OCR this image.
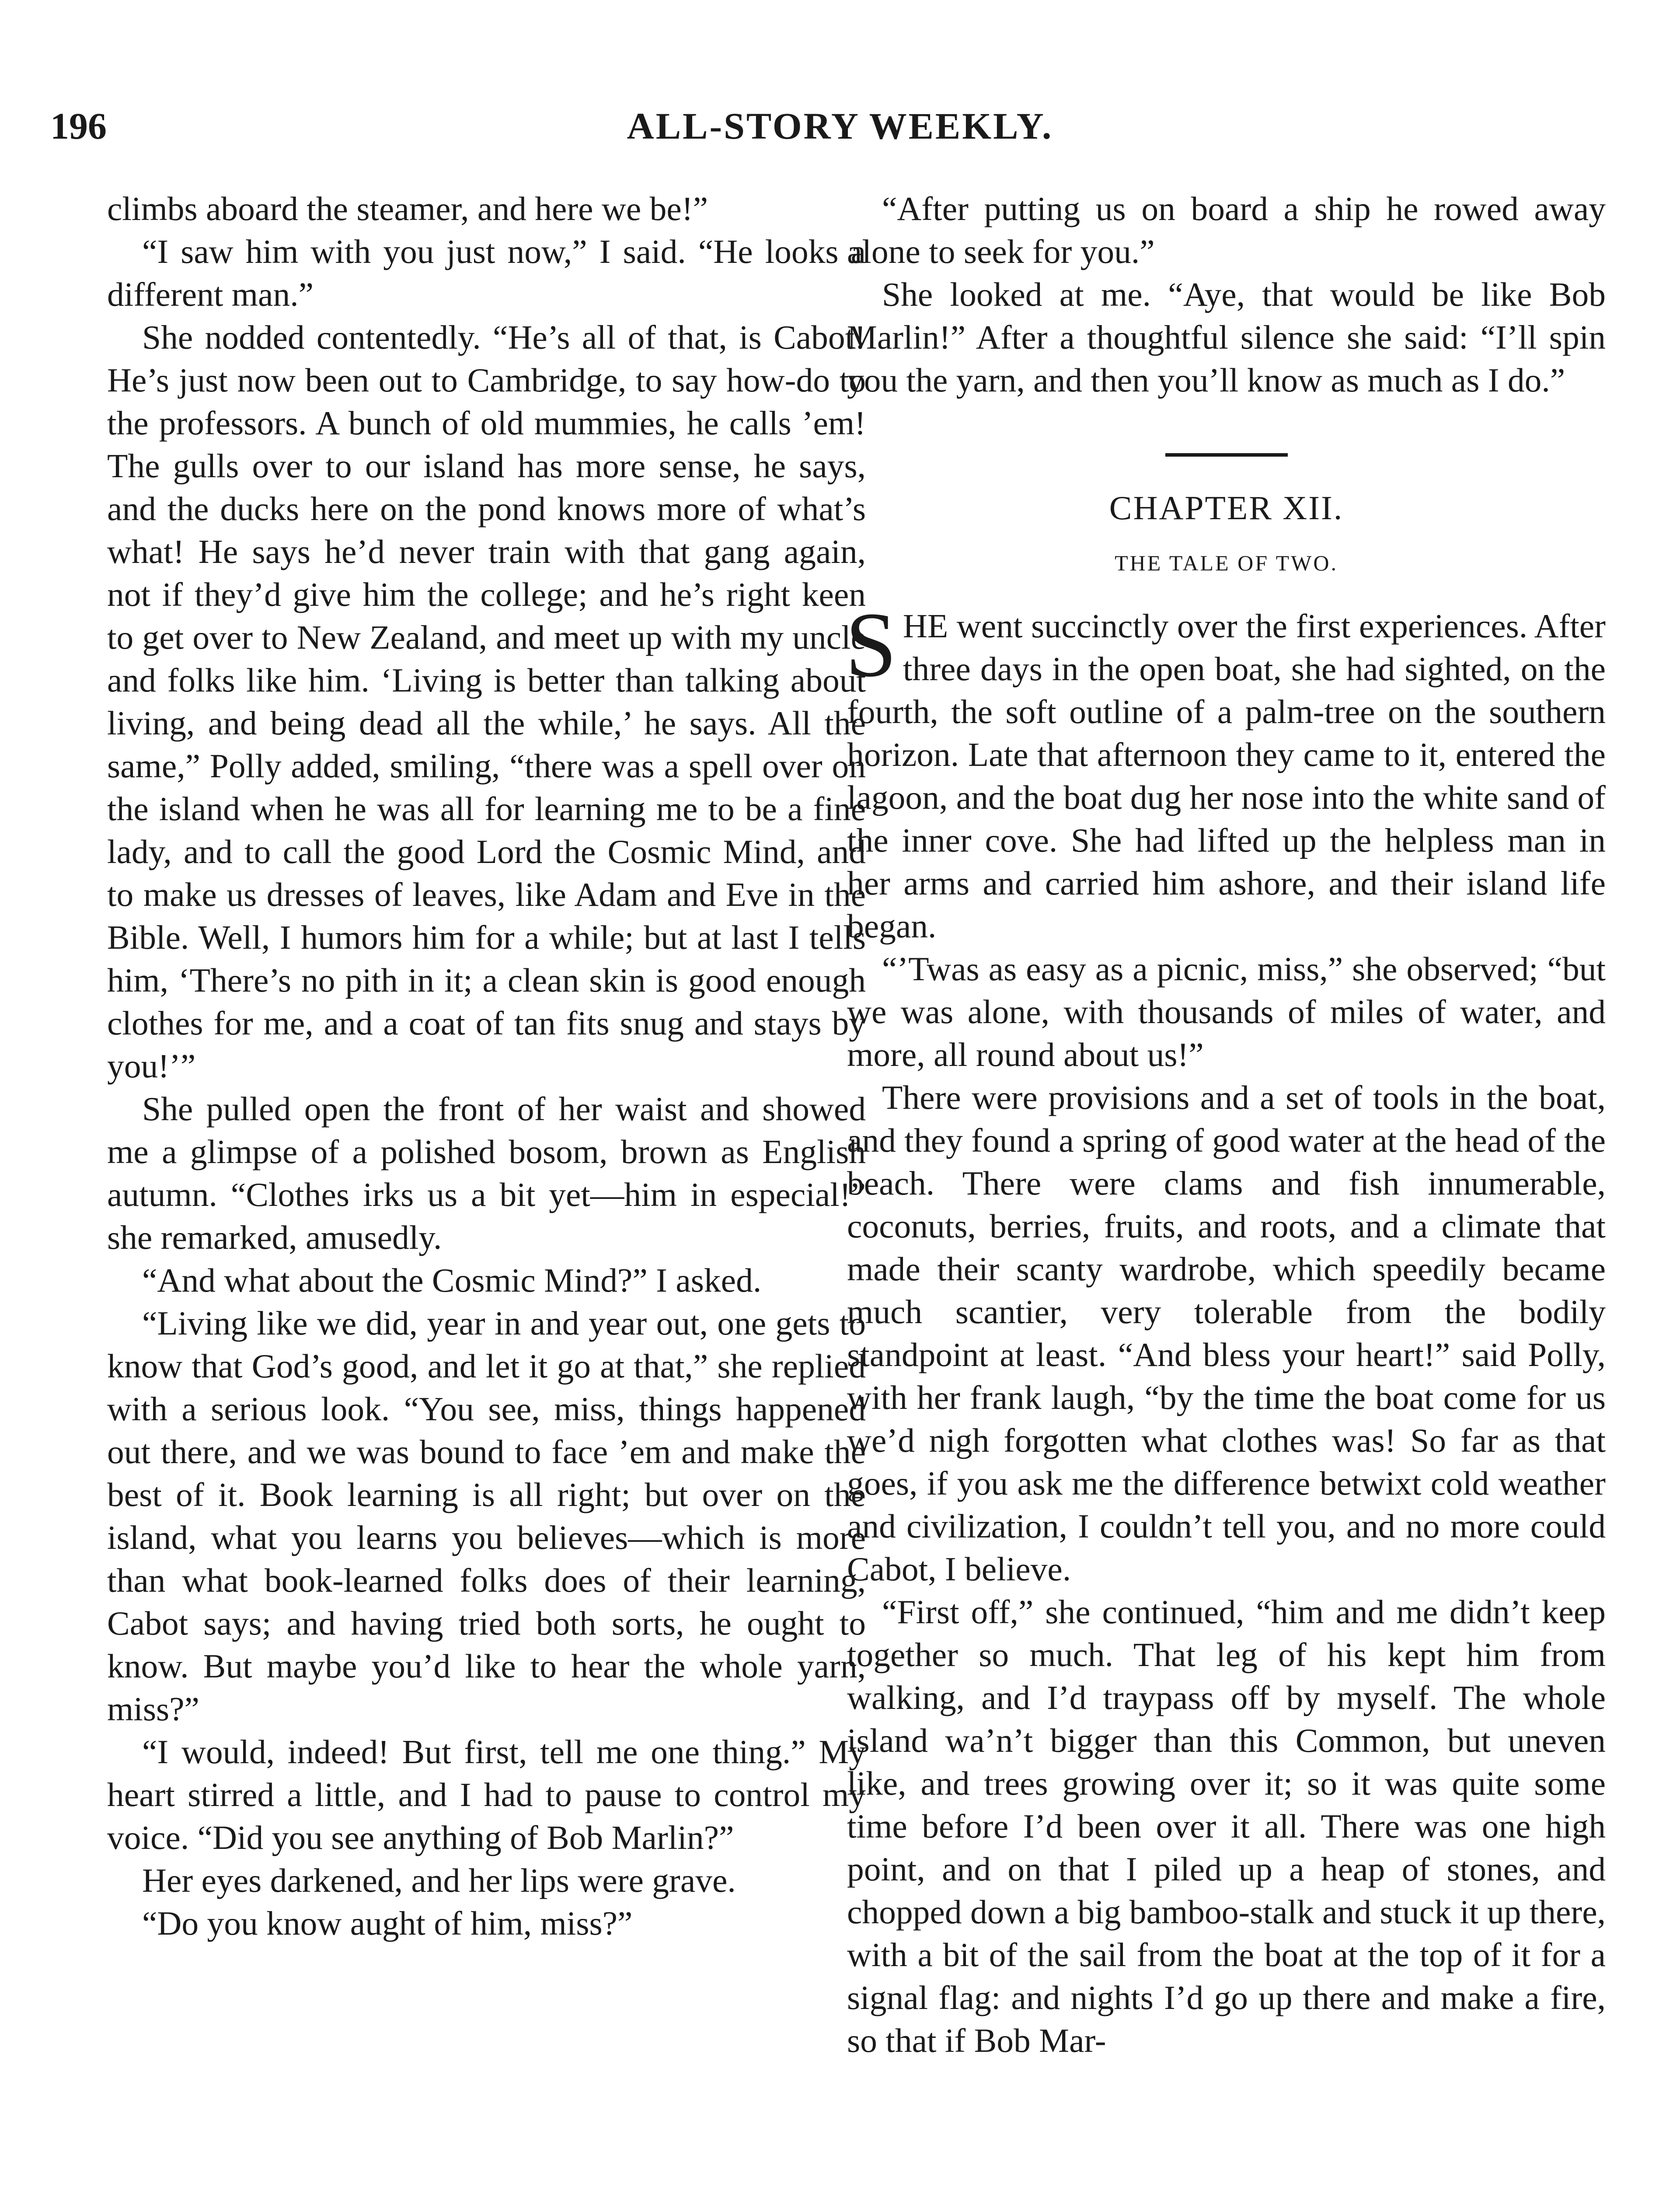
196	ALL-STORY WEEKLY.

climbs aboard the steamer, and here we be!”

“I saw him with you just now,” I said. “He looks a different man.”

She nodded contentedly. “He’s all of that, is Cabot! He’s just now been out to Cambridge, to say how-do to the professors. A bunch of old mummies, he calls ’em! The gulls over to our island has more sense, he says, and the ducks here on the pond knows more of what’s what! He says he’d never train with that gang again, not if they’d give him the college; and he’s right keen to get over to New Zealand, and meet up with my uncle and folks like him. ‘Living is better than talking about living, and being dead all the while,’ he says. All the same,” Polly added, smiling, “there was a spell over on the island when he was all for learning me to be a fine lady, and to call the good Lord the Cosmic Mind, and to make us dresses of leaves, like Adam and Eve in the Bible. Well, I humors him for a while; but at last I tells him, ‘There’s no pith in it; a clean skin is good enough clothes for me, and a coat of tan fits snug and stays by you!’”

She pulled open the front of her waist and showed me a glimpse of a polished bosom, brown as English autumn. “Clothes irks us a bit yet—him in especial!” she remarked, amusedly.

“And what about the Cosmic Mind?” I asked.

“Living like we did, year in and year out, one gets to know that God’s good, and let it go at that,” she replied with a serious look. “You see, miss, things happened out there, and we was bound to face ’em and make the best of it. Book learning is all right; but over on the island, what you learns you believes—which is more than what book-learned folks does of their learning, Cabot says; and having tried both sorts, he ought to know. But maybe you’d like to hear the whole yarn, miss?”

“I would, indeed! But first, tell me one thing.” My heart stirred a little, and I had to pause to control my voice. “Did you see anything of Bob Marlin?”

Her eyes darkened, and her lips were grave.

“Do you know aught of him, miss?”

“After putting us on board a ship he rowed away alone to seek for you.”

She looked at me. “Aye, that would be like Bob Marlin!” After a thoughtful silence she said: “I’ll spin you the yarn, and then you’ll know as much as I do.”

CHAPTER XII.
THE TALE OF TWO.

SHE went succinctly over the first experiences. After three days in the open boat, she had sighted, on the fourth, the soft outline of a palm-tree on the southern horizon. Late that afternoon they came to it, entered the lagoon, and the boat dug her nose into the white sand of the inner cove. She had lifted up the helpless man in her arms and carried him ashore, and their island life began.

“’Twas as easy as a picnic, miss,” she observed; “but we was alone, with thousands of miles of water, and more, all round about us!”

There were provisions and a set of tools in the boat, and they found a spring of good water at the head of the beach. There were clams and fish innumerable, coconuts, berries, fruits, and roots, and a climate that made their scanty wardrobe, which speedily became much scantier, very tolerable from the bodily standpoint at least. “And bless your heart!” said Polly, with her frank laugh, “by the time the boat come for us we’d nigh forgotten what clothes was! So far as that goes, if you ask me the difference betwixt cold weather and civilization, I couldn’t tell you, and no more could Cabot, I believe.

“First off,” she continued, “him and me didn’t keep together so much. That leg of his kept him from walking, and I’d traypass off by myself. The whole island wa’n’t bigger than this Common, but uneven like, and trees growing over it; so it was quite some time before I’d been over it all. There was one high point, and on that I piled up a heap of stones, and chopped down a big bamboo-stalk and stuck it up there, with a bit of the sail from the boat at the top of it for a signal flag: and nights I’d go up there and make a fire, so that if Bob Mar-
